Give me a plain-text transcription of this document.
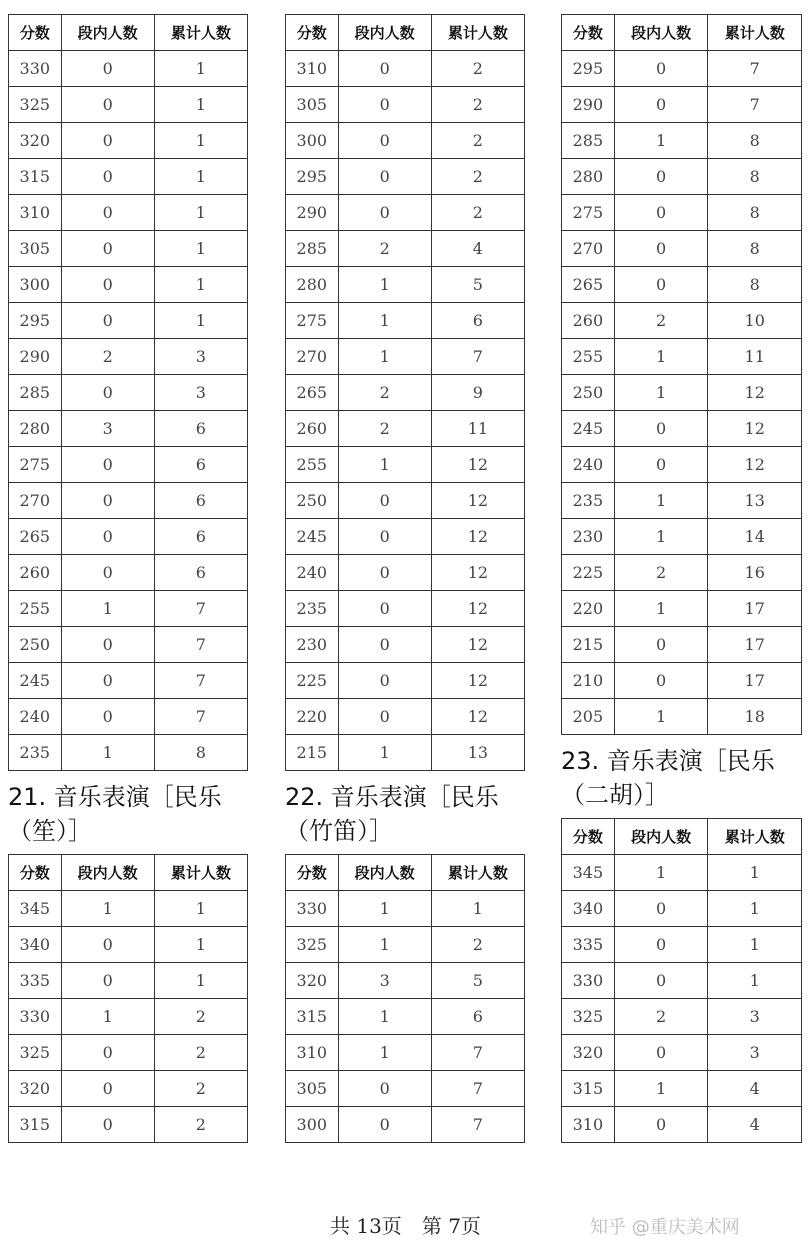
分数	段内人数	累计人数
330	0	1
325	0	1
320	0	1
315	0	1
310	0	1
305	0	1
300	0	1
295	0	1
290	2	3
285	0	3
280	3	6
275	0	6
270	0	6
265	0	6
260	0	6
255	1	7
250	0	7
245	0	7
240	0	7
235	1	8
分数	段内人数	累计人数
310	0	2
305	0	2
300	0	2
295	0	2
290	0	2
285	2	4
280	1	5
275	1	6
270	1	7
265	2	9
260	2	11
255	1	12
250	0	12
245	0	12
240	0	12
235	0	12
230	0	12
225	0	12
220	0	12
215	1	13
分数	段内人数	累计人数
295	0	7
290	0	7
285	1	8
280	0	8
275	0	8
270	0	8
265	0	8
260	2	10
255	1	11
250	1	12
245	0	12
240	0	12
235	1	13
230	1	14
225	2	16
220	1	17
215	0	17
210	0	17
205	1	18
21. 音乐表演［民乐
（笙）］
22. 音乐表演［民乐
（竹笛）］
23. 音乐表演［民乐
（二胡）］
分数	段内人数	累计人数
345	1	1
340	0	1
335	0	1
330	1	2
325	0	2
320	0	2
315	0	2
分数	段内人数	累计人数
330	1	1
325	1	2
320	3	5
315	1	6
310	1	7
305	0	7
300	0	7
分数	段内人数	累计人数
345	1	1
340	0	1
335	0	1
330	0	1
325	2	3
320	0	3
315	1	4
310	0	4
共 13页　第 7页	知乎 @重庆美术网
